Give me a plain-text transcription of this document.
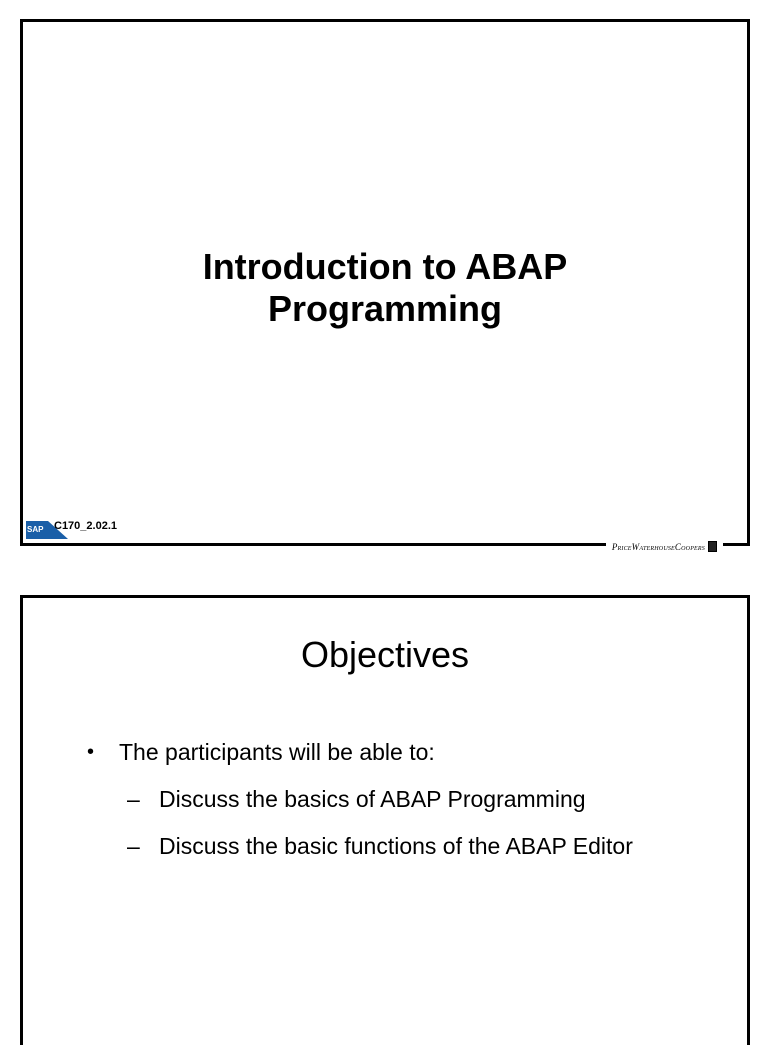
Introduction to ABAP
Programming
SAP C170_2.02.1
PriceWaterhouseCoopers
Objectives
• The participants will be able to:
– Discuss the basics of ABAP Programming
– Discuss the basic functions of the ABAP Editor
